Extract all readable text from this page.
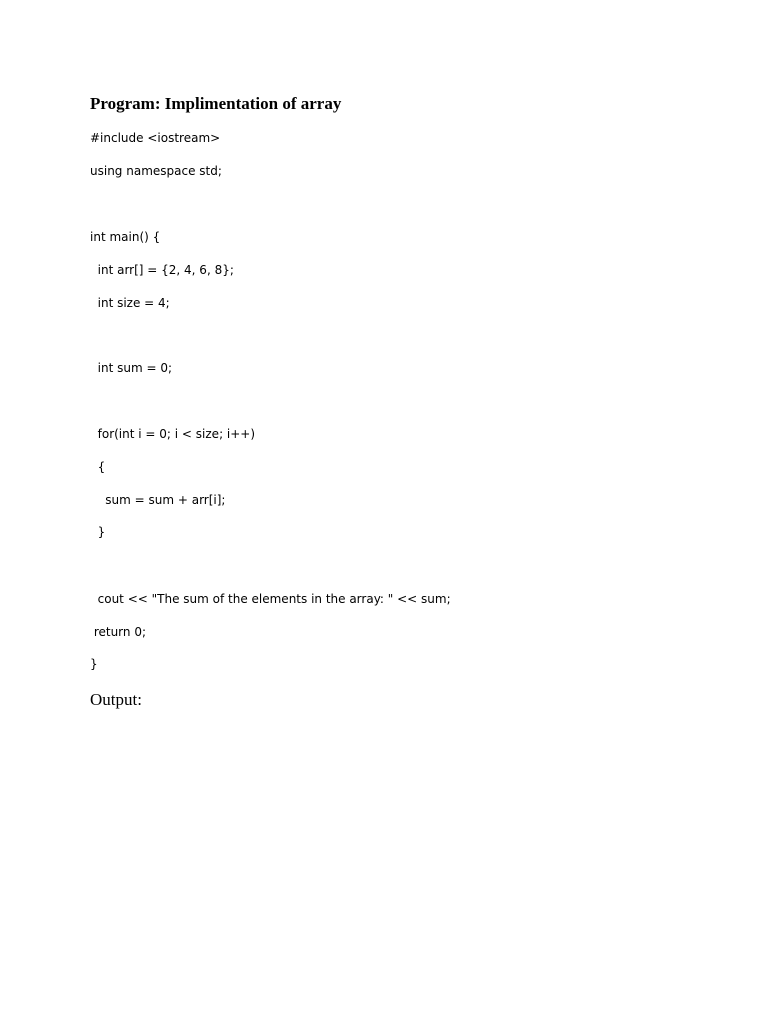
Program: Implimentation of array

#include <iostream>

using namespace std;

int main() {

int arr[] = {2, 4, 6, 8};

int size = 4;

int sum = 0;

for(int i = 0; i < size; i++)

{

sum = sum + arr[i];

}

cout << "The sum of the elements in the array: " << sum;

return 0;

}

Output:
